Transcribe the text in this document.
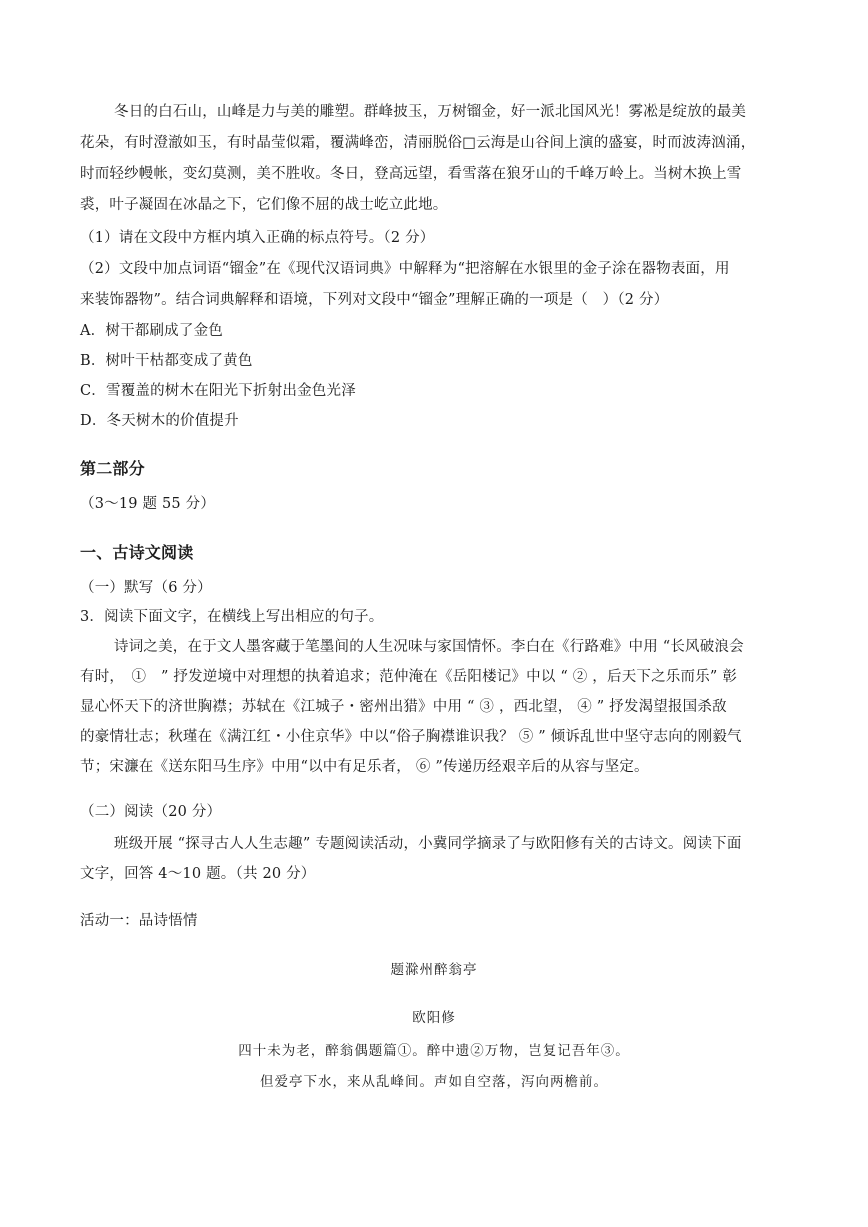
冬日的白石山，山峰是力与美的雕塑。群峰披玉，万树镏金，好一派北国风光！雾凇是绽放的最美
花朵，有时澄澈如玉，有时晶莹似霜，覆满峰峦，清丽脱俗□云海是山谷间上演的盛宴，时而波涛汹涌，
时而轻纱幔帐，变幻莫测，美不胜收。冬日，登高远望，看雪落在狼牙山的千峰万岭上。当树木换上雪
裘，叶子凝固在冰晶之下，它们像不屈的战士屹立此地。
（1）请在文段中方框内填入正确的标点符号。（2 分）
（2）文段中加点词语“镏金”在《现代汉语词典》中解释为“把溶解在水银里的金子涂在器物表面，用
来装饰器物”。结合词典解释和语境，下列对文段中“镏金”理解正确的一项是（　）（2 分）
A．树干都刷成了金色
B．树叶干枯都变成了黄色
C．雪覆盖的树木在阳光下折射出金色光泽
D．冬天树木的价值提升
第二部分
（3～19 题 55 分）
一、古诗文阅读
（一）默写（6 分）
3．阅读下面文字，在横线上写出相应的句子。
诗词之美，在于文人墨客藏于笔墨间的人生况味与家国情怀。李白在《行路难》中用 “长风破浪会
有时，　①　” 抒发逆境中对理想的执着追求；范仲淹在《岳阳楼记》中以 “ ② ，后天下之乐而乐” 彰
显心怀天下的济世胸襟；苏轼在《江城子・密州出猎》中用 “ ③ ，西北望， ④ ” 抒发渴望报国杀敌
的豪情壮志；秋瑾在《满江红・小住京华》中以“俗子胸襟谁识我？ ⑤ ” 倾诉乱世中坚守志向的刚毅气
节；宋濂在《送东阳马生序》中用“以中有足乐者， ⑥ ”传递历经艰辛后的从容与坚定。
（二）阅读（20 分）
班级开展 “探寻古人人生志趣” 专题阅读活动，小冀同学摘录了与欧阳修有关的古诗文。阅读下面
文字，回答 4～10 题。（共 20 分）
活动一：品诗悟情
题滁州醉翁亭
欧阳修
四十未为老，醉翁偶题篇①。醉中遗②万物，岂复记吾年③。
但爱亭下水，来从乱峰间。声如自空落，泻向两檐前。
